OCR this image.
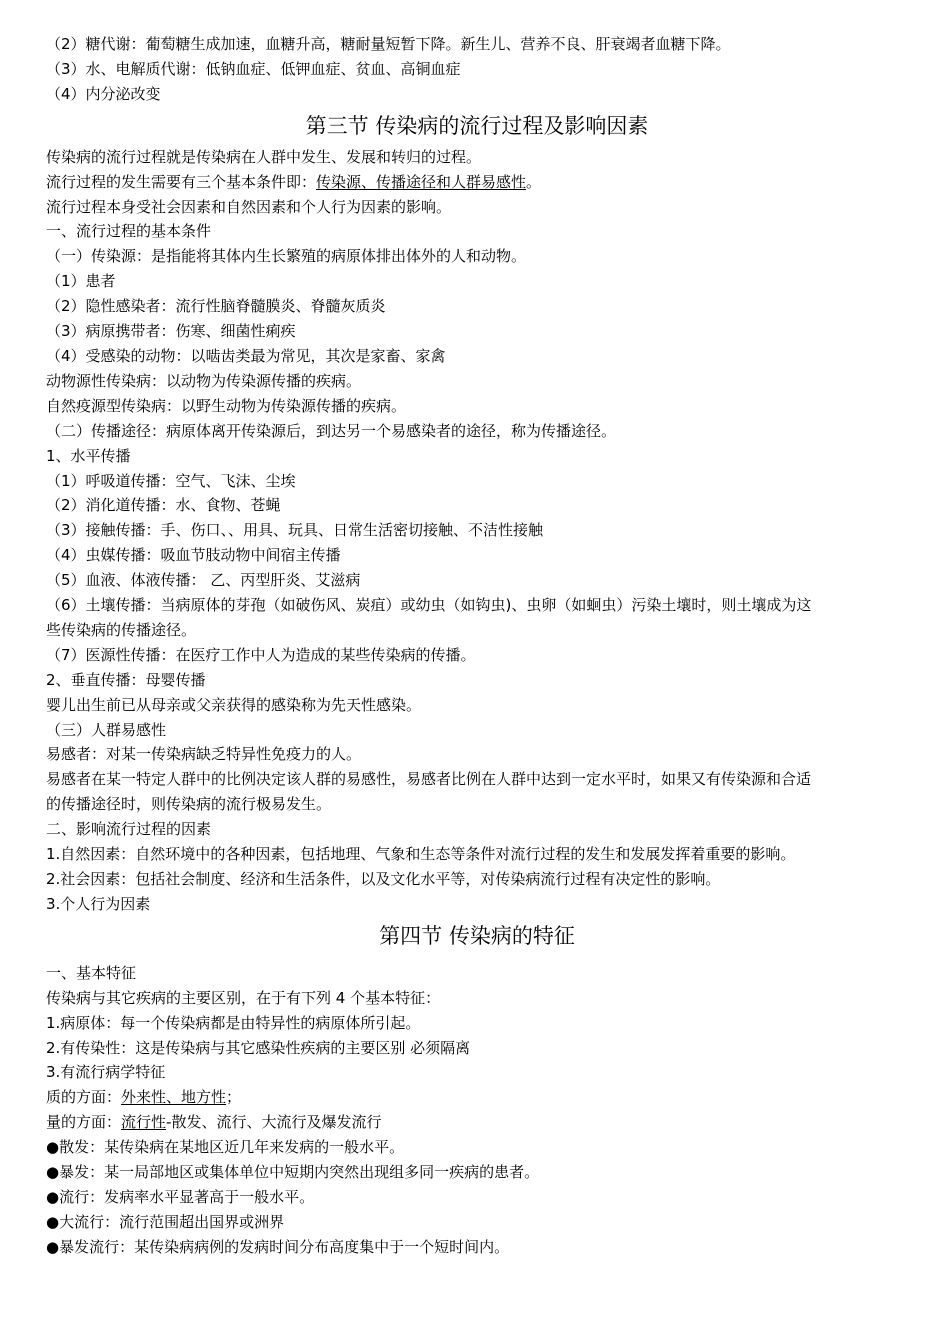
（2）糖代谢：葡萄糖生成加速，血糖升高，糖耐量短暂下降。新生儿、营养不良、肝衰竭者血糖下降。
（3）水、电解质代谢：低钠血症、低钾血症、贫血、高铜血症
（4）内分泌改变
第三节 传染病的流行过程及影响因素
传染病的流行过程就是传染病在人群中发生、发展和转归的过程。
流行过程的发生需要有三个基本条件即：传染源、传播途径和人群易感性。
流行过程本身受社会因素和自然因素和个人行为因素的影响。
一、流行过程的基本条件
（一）传染源：是指能将其体内生长繁殖的病原体排出体外的人和动物。
（1）患者
（2）隐性感染者：流行性脑脊髓膜炎、脊髓灰质炎
（3）病原携带者：伤寒、细菌性痢疾
（4）受感染的动物：以啮齿类最为常见，其次是家畜、家禽
动物源性传染病：以动物为传染源传播的疾病。
自然疫源型传染病：以野生动物为传染源传播的疾病。
（二）传播途径：病原体离开传染源后，到达另一个易感染者的途径，称为传播途径。
1、水平传播
（1）呼吸道传播：空气、飞沫、尘埃
（2）消化道传播：水、食物、苍蝇
（3）接触传播：手、伤口、、用具、玩具、日常生活密切接触、不洁性接触
（4）虫媒传播：吸血节肢动物中间宿主传播
（5）血液、体液传播： 乙、丙型肝炎、艾滋病
（6）土壤传播：当病原体的芽孢（如破伤风、炭疽）或幼虫（如钩虫)、虫卵（如蛔虫）污染土壤时，则土壤成为这
些传染病的传播途径。
（7）医源性传播：在医疗工作中人为造成的某些传染病的传播。
2、垂直传播：母婴传播
婴儿出生前已从母亲或父亲获得的感染称为先天性感染。
（三）人群易感性
易感者：对某一传染病缺乏特异性免疫力的人。
易感者在某一特定人群中的比例决定该人群的易感性，易感者比例在人群中达到一定水平时，如果又有传染源和合适
的传播途径时，则传染病的流行极易发生。
二、影响流行过程的因素
1.自然因素：自然环境中的各种因素，包括地理、气象和生态等条件对流行过程的发生和发展发挥着重要的影响。
2.社会因素：包括社会制度、经济和生活条件，以及文化水平等，对传染病流行过程有决定性的影响。
3.个人行为因素
第四节 传染病的特征
一、基本特征
传染病与其它疾病的主要区别，在于有下列 4 个基本特征：
1.病原体：每一个传染病都是由特异性的病原体所引起。
2.有传染性：这是传染病与其它感染性疾病的主要区别 必须隔离
3.有流行病学特征
质的方面：外来性、地方性；
量的方面：流行性-散发、流行、大流行及爆发流行
●散发：某传染病在某地区近几年来发病的一般水平。
●暴发：某一局部地区或集体单位中短期内突然出现组多同一疾病的患者。
●流行：发病率水平显著高于一般水平。
●大流行：流行范围超出国界或洲界
●暴发流行：某传染病病例的发病时间分布高度集中于一个短时间内。
